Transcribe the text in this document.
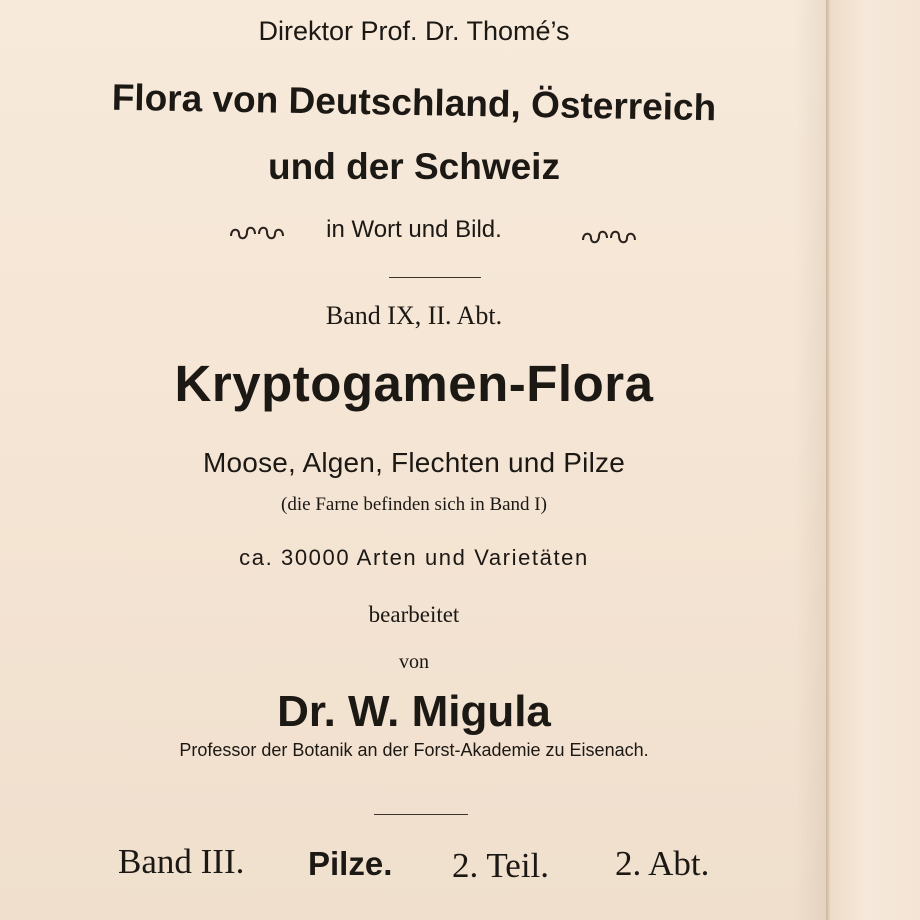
Direktor Prof. Dr. Thomé’s

Flora von Deutschland, Österreich

und der Schweiz

in Wort und Bild.

Band IX, II. Abt.

Kryptogamen-Flora

Moose, Algen, Flechten und Pilze

(die Farne befinden sich in Band I)

ca. 30000 Arten und Varietäten

bearbeitet

von

Dr. W. Migula

Professor der Botanik an der Forst-Akademie zu Eisenach.

Band III. Pilze. 2. Teil. 2. Abt.
